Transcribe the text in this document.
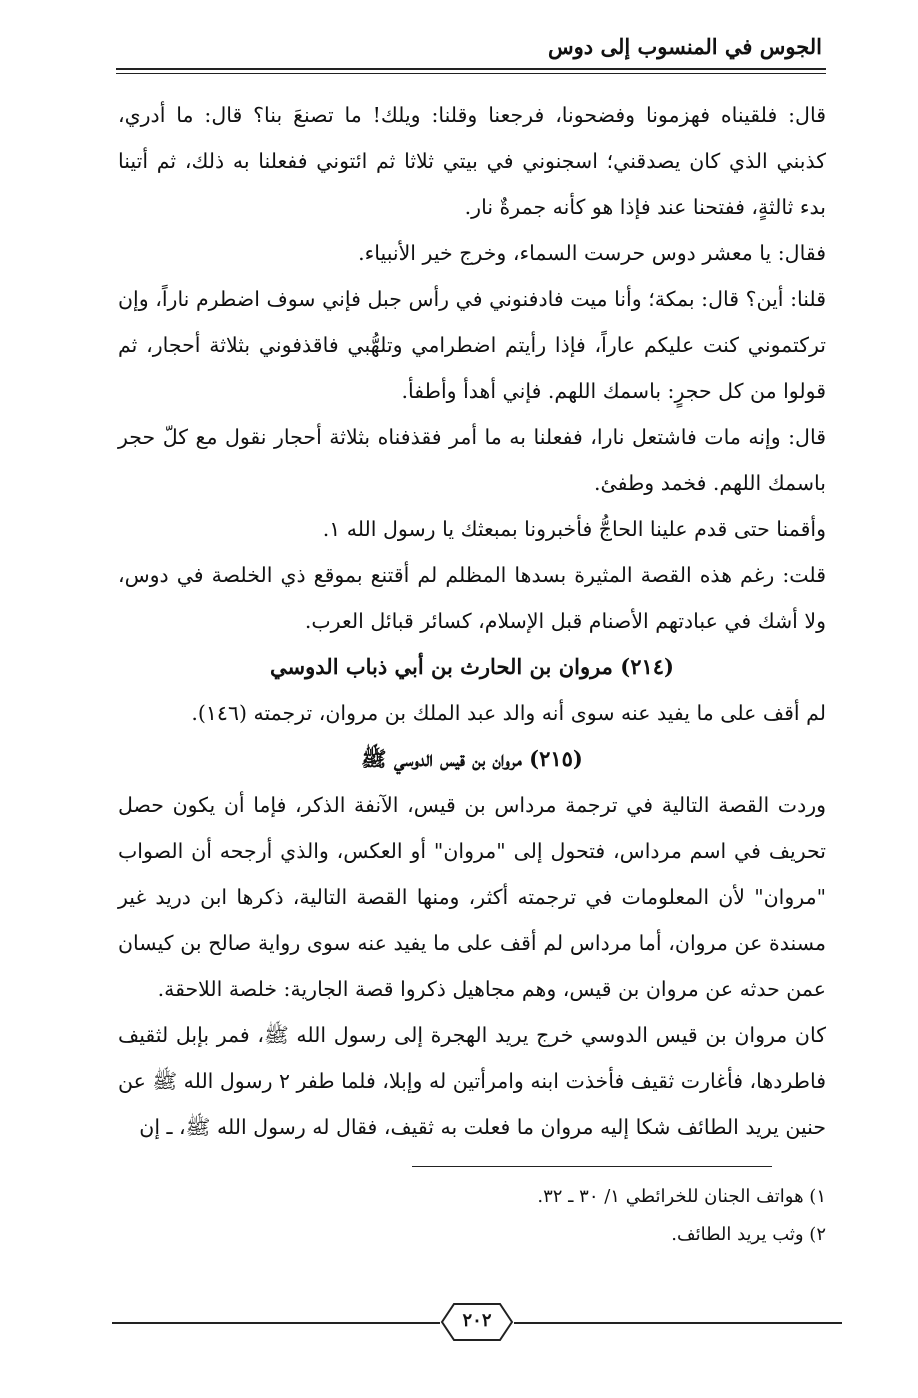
الجوس في المنسوب إلى دوس

قال: فلقيناه فهزمونا وفضحونا، فرجعنا وقلنا: ويلك! ما تصنعَ بنا؟ قال: ما أدري، كذبني الذي كان يصدقني؛ اسجنوني في بيتي ثلاثا ثم ائتوني ففعلنا به ذلك، ثم أتينا بدء ثالثةٍ، ففتحنا عند فإذا هو كأنه جمرةٌ نار.

فقال: يا معشر دوس حرست السماء، وخرج خير الأنبياء.

قلنا: أين؟ قال: بمكة؛ وأنا ميت فادفنوني في رأس جبل فإني سوف اضطرم ناراً، وإن تركتموني كنت عليكم عاراً، فإذا رأيتم اضطرامي وتلهُّبي فاقذفوني بثلاثة أحجار، ثم قولوا من كل حجرٍ: باسمك اللهم. فإني أهدأ وأطفأ.

قال: وإنه مات فاشتعل نارا، ففعلنا به ما أمر فقذفناه بثلاثة أحجار نقول مع كلّ حجر باسمك اللهم. فخمد وطفئ.

وأقمنا حتى قدم علينا الحاجُّ فأخبرونا بمبعثك يا رسول الله ١.

قلت: رغم هذه القصة المثيرة بسدها المظلم لم أقتنع بموقع ذي الخلصة في دوس، ولا أشك في عبادتهم الأصنام قبل الإسلام، كسائر قبائل العرب.

(٢١٤) مروان بن الحارث بن أبي ذباب الدوسي

لم أقف على ما يفيد عنه سوى أنه والد عبد الملك بن مروان، ترجمته (١٤٦).

(٢١٥) مروان بن قيس الدوسي ﷺ

وردت القصة التالية في ترجمة مرداس بن قيس، الآنفة الذكر، فإما أن يكون حصل تحريف في اسم مرداس، فتحول إلى "مروان" أو العكس، والذي أرجحه أن الصواب "مروان" لأن المعلومات في ترجمته أكثر، ومنها القصة التالية، ذكرها ابن دريد غير مسندة عن مروان، أما مرداس لم أقف على ما يفيد عنه سوى رواية صالح بن كيسان عمن حدثه عن مروان بن قيس، وهم مجاهيل ذكروا قصة الجارية: خلصة اللاحقة.

كان مروان بن قيس الدوسي خرج يريد الهجرة إلى رسول الله ﷺ، فمر بإبل لثقيف فاطردها، فأغارت ثقيف فأخذت ابنه وامرأتين له وإبلا، فلما طفر ٢ رسول الله ﷺ عن حنين يريد الطائف شكا إليه مروان ما فعلت به ثقيف، فقال له رسول الله ﷺ، ـ إن

١) هواتف الجنان للخرائطي ١/ ٣٠ ـ ٣٢.

٢) وثب يريد الطائف.

٢٠٢
